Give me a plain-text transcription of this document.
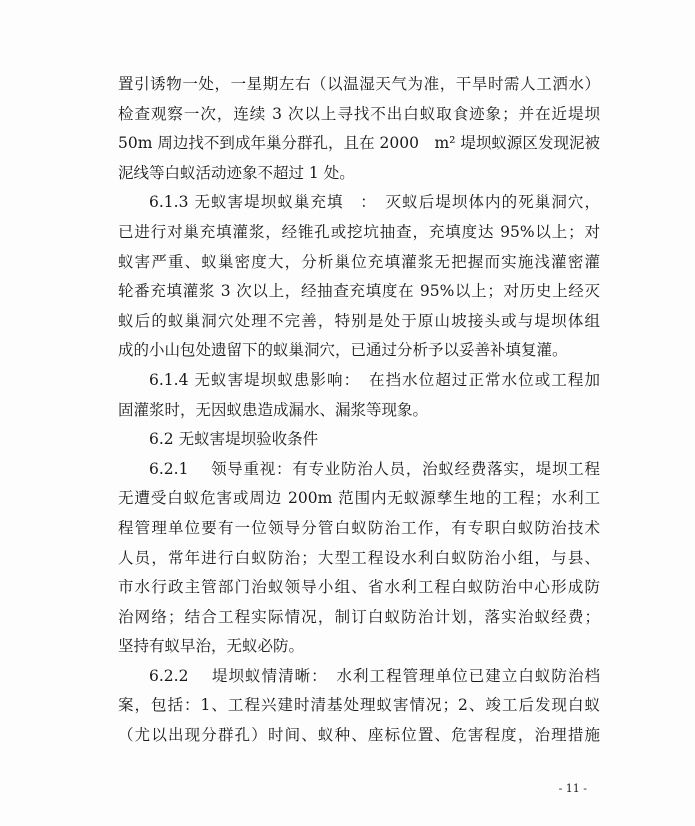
置引诱物一处，一星期左右（以温湿天气为准，干旱时需人工洒水）
检查观察一次，连续 3 次以上寻找不出白蚁取食迹象；并在近堤坝
50m 周边找不到成年巢分群孔，且在 2000　m² 堤坝蚁源区发现泥被
泥线等白蚁活动迹象不超过 1 处。
6.1.3 无蚁害堤坝蚁巢充填　：　灭蚁后堤坝体内的死巢洞穴，
已进行对巢充填灌浆，经锥孔或挖坑抽查，充填度达 95%以上；对
蚁害严重、蚁巢密度大，分析巢位充填灌浆无把握而实施浅灌密灌
轮番充填灌浆 3 次以上，经抽查充填度在 95%以上；对历史上经灭
蚁后的蚁巢洞穴处理不完善，特别是处于原山坡接头或与堤坝体组
成的小山包处遗留下的蚁巢洞穴，已通过分析予以妥善补填复灌。
6.1.4 无蚁害堤坝蚁患影响：　在挡水位超过正常水位或工程加
固灌浆时，无因蚁患造成漏水、漏浆等现象。
6.2 无蚁害堤坝验收条件
6.2.1　 领导重视：有专业防治人员，治蚁经费落实，堤坝工程
无遭受白蚁危害或周边 200m 范围内无蚁源孳生地的工程；水利工
程管理单位要有一位领导分管白蚁防治工作，有专职白蚁防治技术
人员，常年进行白蚁防治；大型工程设水利白蚁防治小组，与县、
市水行政主管部门治蚁领导小组、省水利工程白蚁防治中心形成防
治网络；结合工程实际情况，制订白蚁防治计划，落实治蚁经费；
坚持有蚁早治，无蚁必防。
6.2.2　 堤坝蚁情清晰：　水利工程管理单位已建立白蚁防治档
案，包括：1、工程兴建时清基处理蚁害情况；2、竣工后发现白蚁
（尤以出现分群孔）时间、蚁种、座标位置、危害程度，治理措施
- 11 -
